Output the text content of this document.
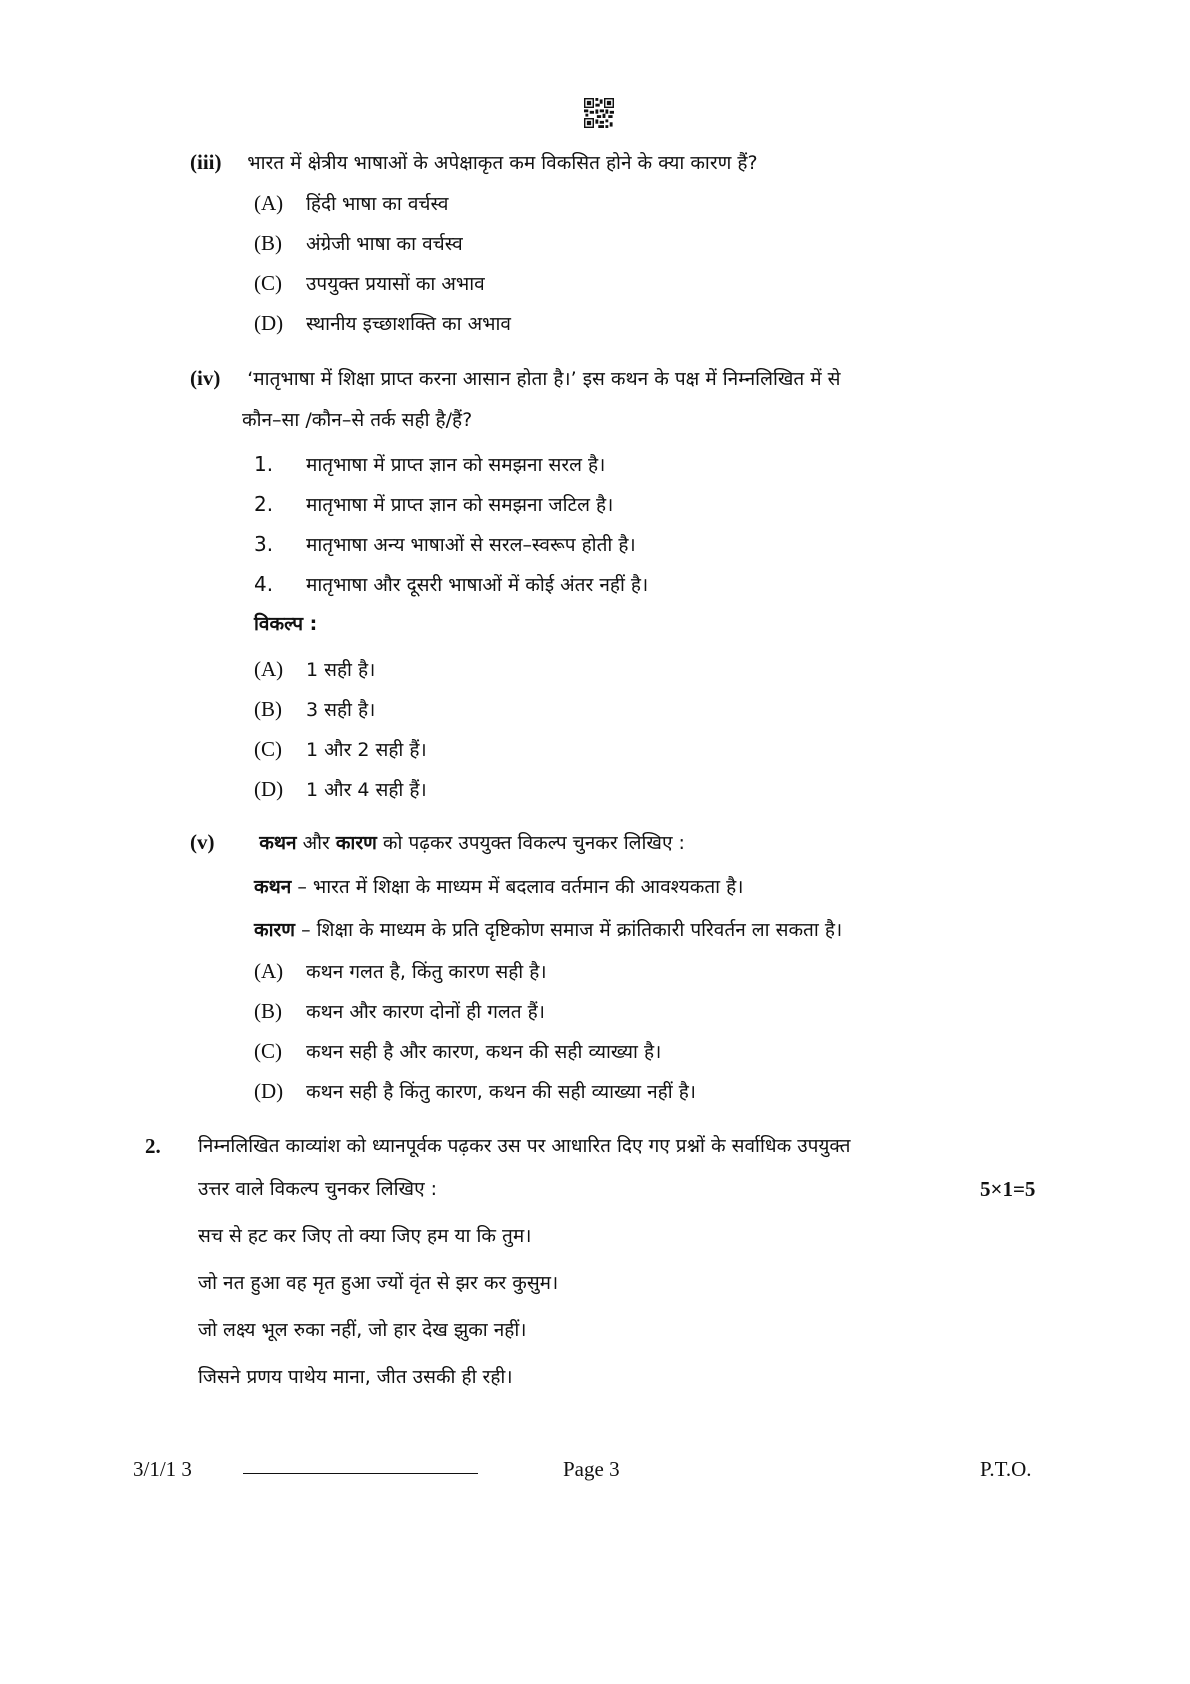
(iii) भारत में क्षेत्रीय भाषाओं के अपेक्षाकृत कम विकसित होने के क्या कारण हैं?
(A) हिंदी भाषा का वर्चस्व
(B) अंग्रेजी भाषा का वर्चस्व
(C) उपयुक्त प्रयासों का अभाव
(D) स्थानीय इच्छाशक्ति का अभाव
(iv) ‘मातृभाषा में शिक्षा प्राप्त करना आसान होता है।’ इस कथन के पक्ष में निम्नलिखित में से
कौन–सा /कौन–से तर्क सही है/हैं?
1. मातृभाषा में प्राप्त ज्ञान को समझना सरल है।
2. मातृभाषा में प्राप्त ज्ञान को समझना जटिल है।
3. मातृभाषा अन्य भाषाओं से सरल–स्वरूप होती है।
4. मातृभाषा और दूसरी भाषाओं में कोई अंतर नहीं है।
विकल्प :
(A) 1 सही है।
(B) 3 सही है।
(C) 1 और 2 सही हैं।
(D) 1 और 4 सही हैं।
(v) कथन और कारण को पढ़कर उपयुक्त विकल्प चुनकर लिखिए :
कथन – भारत में शिक्षा के माध्यम में बदलाव वर्तमान की आवश्यकता है।
कारण – शिक्षा के माध्यम के प्रति दृष्टिकोण समाज में क्रांतिकारी परिवर्तन ला सकता है।
(A) कथन गलत है, किंतु कारण सही है।
(B) कथन और कारण दोनों ही गलत हैं।
(C) कथन सही है और कारण, कथन की सही व्याख्या है।
(D) कथन सही है किंतु कारण, कथन की सही व्याख्या नहीं है।
2. निम्नलिखित काव्यांश को ध्यानपूर्वक पढ़कर उस पर आधारित दिए गए प्रश्नों के सर्वाधिक उपयुक्त
उत्तर वाले विकल्प चुनकर लिखिए :	5×1=5
सच से हट कर जिए तो क्या जिए हम या कि तुम।
जो नत हुआ वह मृत हुआ ज्यों वृंत से झर कर कुसुम।
जो लक्ष्य भूल रुका नहीं, जो हार देख झुका नहीं।
जिसने प्रणय पाथेय माना, जीत उसकी ही रही।
3/1/1 3	Page 3	P.T.O.
